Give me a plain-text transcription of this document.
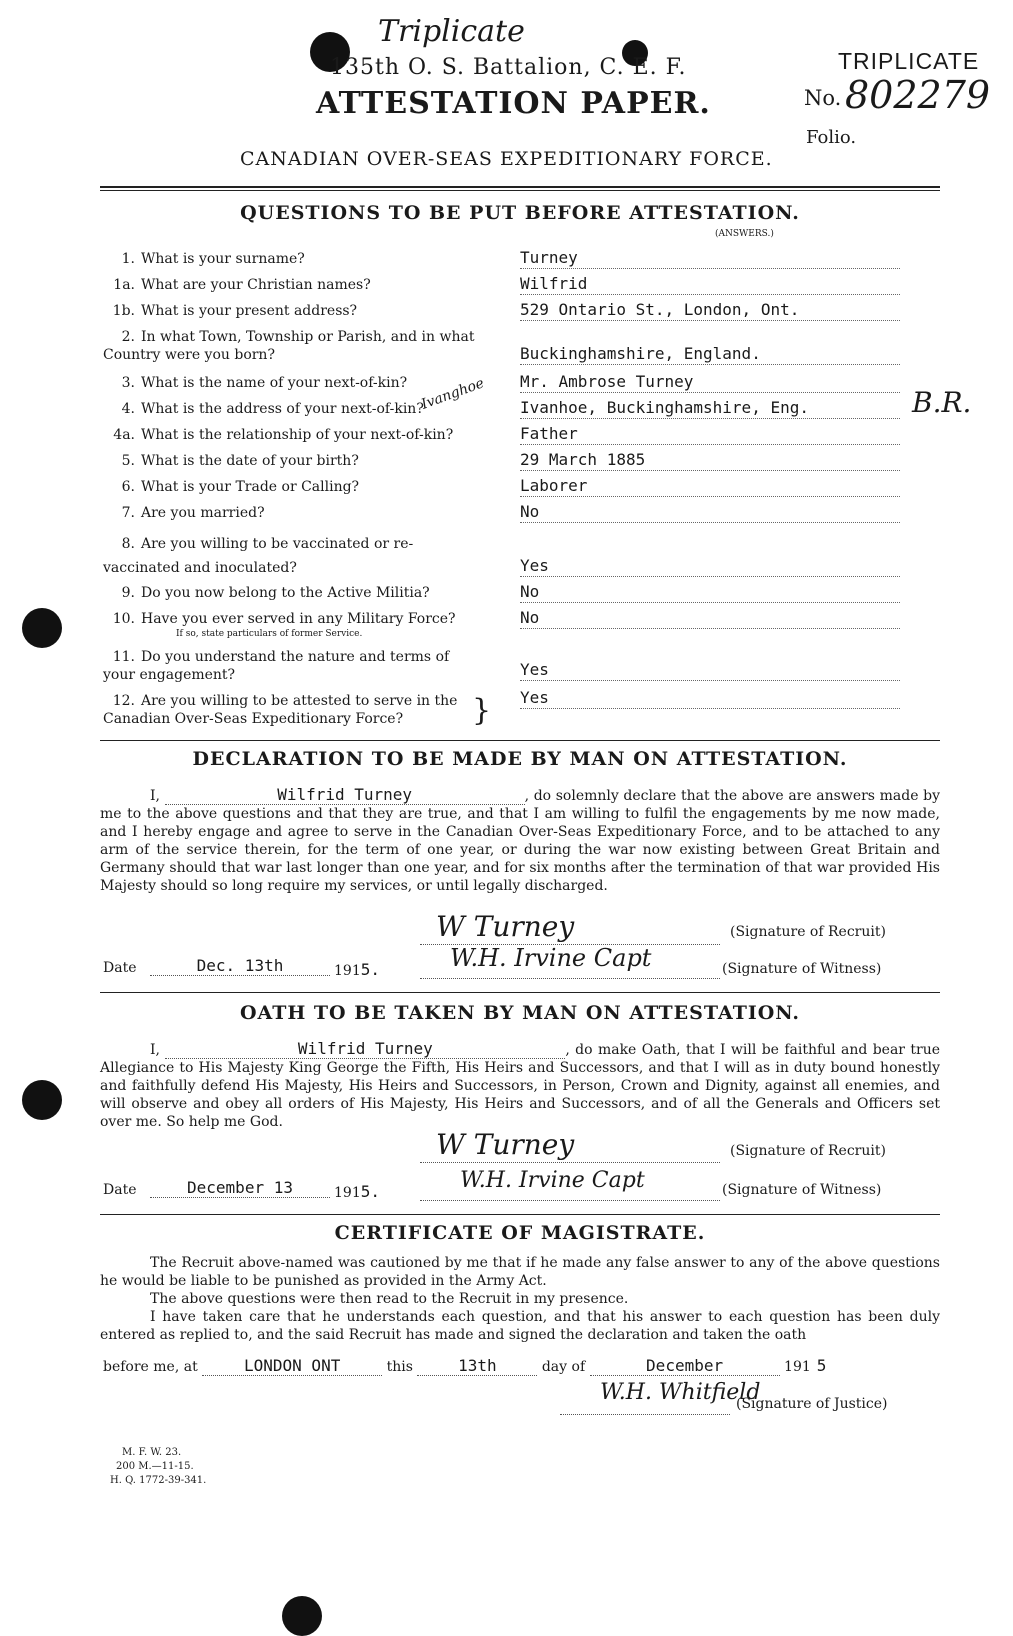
Triplicate
135th O. S. Battalion, C. E. F.
ATTESTATION PAPER.
CANADIAN OVER-SEAS EXPEDITIONARY FORCE.
TRIPLICATE
No. 802279
Folio.
QUESTIONS TO BE PUT BEFORE ATTESTATION.
(ANSWERS.)
1. What is your surname?	Turney
1a. What are your Christian names?	Wilfrid
1b. What is your present address?	529 Ontario St., London, Ont.
2. In what Town, Township or Parish, and in what Country were you born?	Buckinghamshire, England.
3. What is the name of your next-of-kin?	Mr. Ambrose Turney
4. What is the address of your next-of-kin?
Ivanghoe Ivanhoe, Buckinghamshire, Eng.	B.R.
4a. What is the relationship of your next-of-kin?	Father
5. What is the date of your birth?	29 March 1885
6. What is your Trade or Calling?	Laborer
7. Are you married?	No
8. Are you willing to be vaccinated or re-vaccinated and inoculated?	Yes
9. Do you now belong to the Active Militia?	No
10. Have you ever served in any Military Force?
If so, state particulars of former Service.
No
11. Do you understand the nature and terms of your engagement?	Yes
12. Are you willing to be attested to serve in the Canadian Over-Seas Expeditionary Force?	} Yes
DECLARATION TO BE MADE BY MAN ON ATTESTATION.
I,	Wilfrid Turney	, do solemnly declare that the above are answers made by me to the above questions and that they are true, and that I am willing to fulfil the engagements by me now made, and I hereby engage and agree to serve in the Canadian Over-Seas Expeditionary Force, and to be attached to any arm of the service therein, for the term of one year, or during the war now existing between Great Britain and Germany should that war last longer than one year, and for six months after the termination of that war provided His Majesty should so long require my services, or until legally discharged.
W Turney	(Signature of Recruit)
Date	Dec. 13th	1915.	W.H. Irvine Capt	(Signature of Witness)
OATH TO BE TAKEN BY MAN ON ATTESTATION.
I,	Wilfrid Turney	, do make Oath, that I will be faithful and bear true Allegiance to His Majesty King George the Fifth, His Heirs and Successors, and that I will as in duty bound honestly and faithfully defend His Majesty, His Heirs and Successors, in Person, Crown and Dignity, against all enemies, and will observe and obey all orders of His Majesty, His Heirs and Successors, and of all the Generals and Officers set over me. So help me God.
W Turney	(Signature of Recruit)
Date	December 13	1915.	W.H. Irvine Capt	(Signature of Witness)
CERTIFICATE OF MAGISTRATE.
The Recruit above-named was cautioned by me that if he made any false answer to any of the above questions he would be liable to be punished as provided in the Army Act.
The above questions were then read to the Recruit in my presence.
I have taken care that he understands each question, and that his answer to each question has been duly entered as replied to, and the said Recruit has made and signed the declaration and taken the oath
before me, at	LONDON ONT	this	13th	day of	December	191 5
W.H. Whitfield
(Signature of Justice)
M. F. W. 23.
200 M.—11-15.
H. Q. 1772-39-341.
